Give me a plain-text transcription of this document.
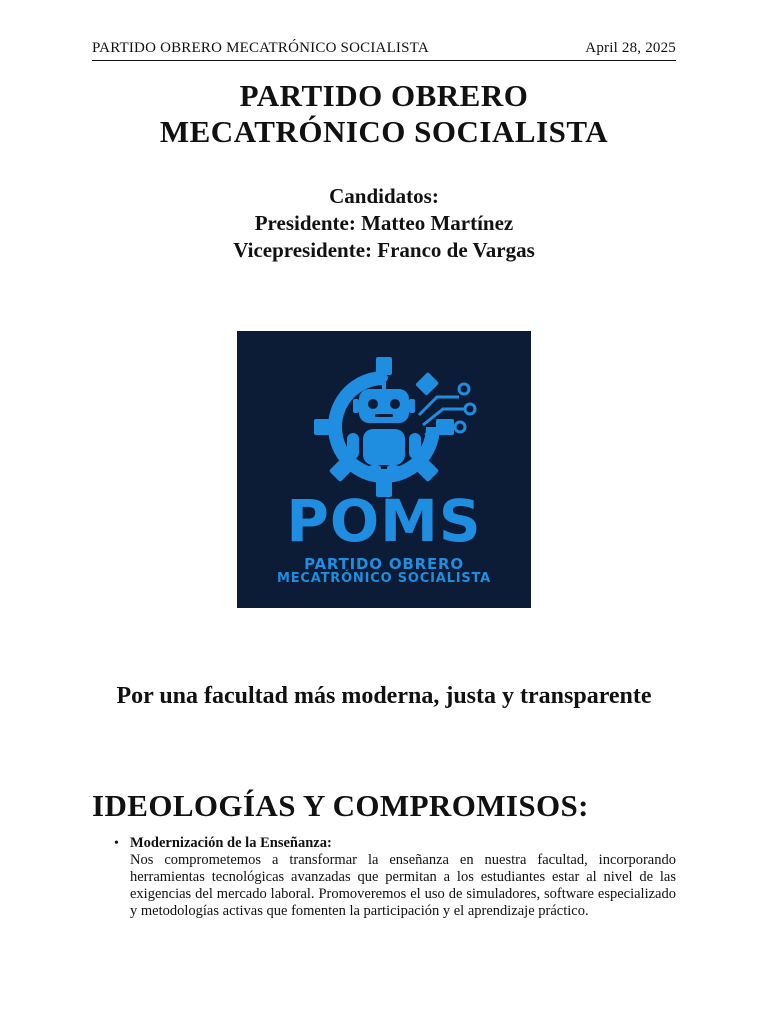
PARTIDO OBRERO MECATRÓNICO SOCIALISTA	April 28, 2025
PARTIDO OBRERO
MECATRÓNICO SOCIALISTA
Candidatos:
Presidente: Matteo Martínez
Vicepresidente: Franco de Vargas
POMS
PARTIDO OBRERO
MECATRÓNICO SOCIALISTA
Por una facultad más moderna, justa y transparente
IDEOLOGÍAS Y COMPROMISOS:
• Modernización de la Enseñanza:
Nos comprometemos a transformar la enseñanza en nuestra facultad, incorporando herramientas tecnológicas avanzadas que permitan a los estudiantes estar al nivel de las exigencias del mercado laboral. Promoveremos el uso de simuladores, software especializado y metodologías activas que fomenten la participación y el aprendizaje práctico.
